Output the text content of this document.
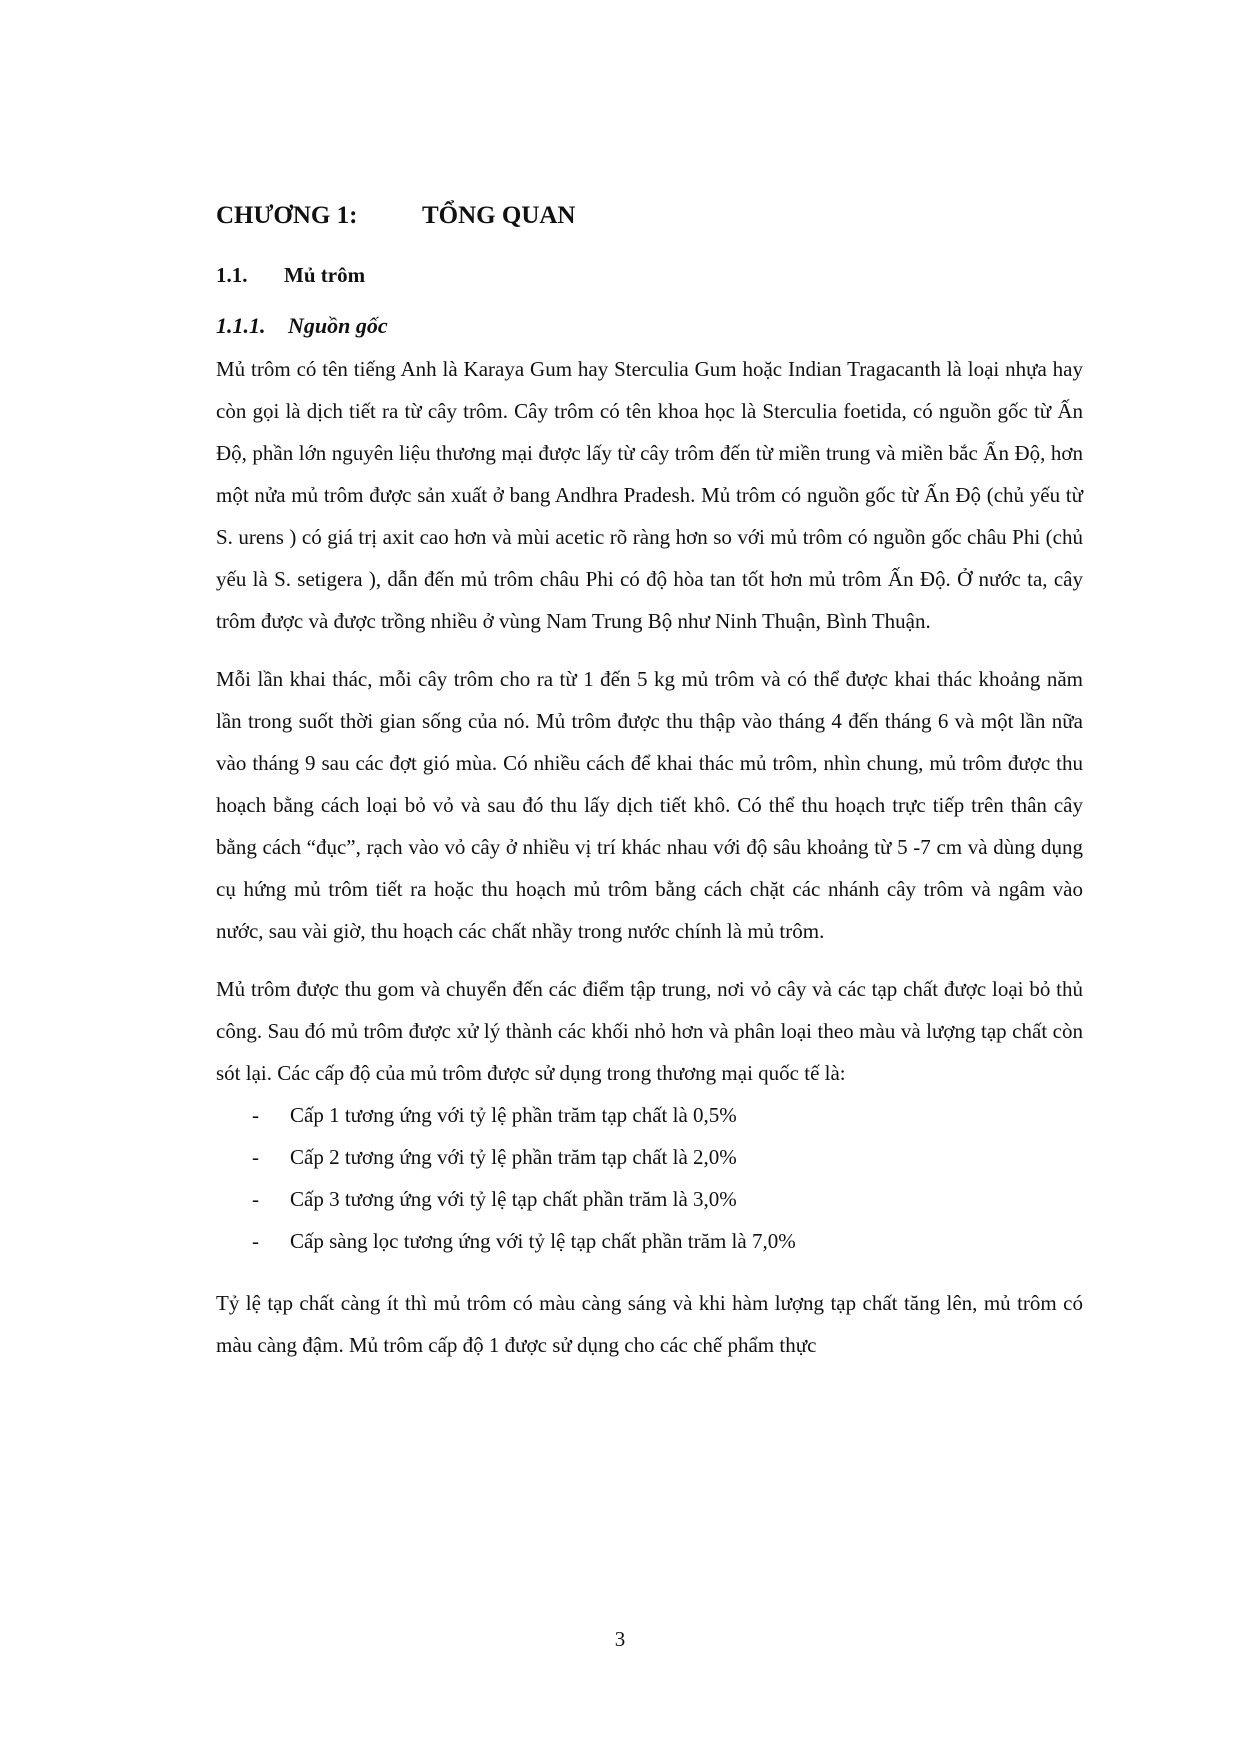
CHƯƠNG 1:	TỔNG QUAN
1.1. Mủ trôm
1.1.1. Nguồn gốc

Mủ trôm có tên tiếng Anh là Karaya Gum hay Sterculia Gum hoặc Indian Tragacanth là loại nhựa hay còn gọi là dịch tiết ra từ cây trôm. Cây trôm có tên khoa học là Sterculia foetida, có nguồn gốc từ Ấn Độ, phần lớn nguyên liệu thương mại được lấy từ cây trôm đến từ miền trung và miền bắc Ấn Độ, hơn một nửa mủ trôm được sản xuất ở bang Andhra Pradesh. Mủ trôm có nguồn gốc từ Ấn Độ (chủ yếu từ S. urens ) có giá trị axit cao hơn và mùi acetic rõ ràng hơn so với mủ trôm có nguồn gốc châu Phi (chủ yếu là S. setigera ), dẫn đến mủ trôm châu Phi có độ hòa tan tốt hơn mủ trôm Ấn Độ. Ở nước ta, cây trôm được và được trồng nhiều ở vùng Nam Trung Bộ như Ninh Thuận, Bình Thuận.

Mỗi lần khai thác, mỗi cây trôm cho ra từ 1 đến 5 kg mủ trôm và có thể được khai thác khoảng năm lần trong suốt thời gian sống của nó. Mủ trôm được thu thập vào tháng 4 đến tháng 6 và một lần nữa vào tháng 9 sau các đợt gió mùa. Có nhiều cách để khai thác mủ trôm, nhìn chung, mủ trôm được thu hoạch bằng cách loại bỏ vỏ và sau đó thu lấy dịch tiết khô. Có thể thu hoạch trực tiếp trên thân cây bằng cách “đục”, rạch vào vỏ cây ở nhiều vị trí khác nhau với độ sâu khoảng từ 5 -7 cm và dùng dụng cụ hứng mủ trôm tiết ra hoặc thu hoạch mủ trôm bằng cách chặt các nhánh cây trôm và ngâm vào nước, sau vài giờ, thu hoạch các chất nhầy trong nước chính là mủ trôm.

Mủ trôm được thu gom và chuyển đến các điểm tập trung, nơi vỏ cây và các tạp chất được loại bỏ thủ công. Sau đó mủ trôm được xử lý thành các khối nhỏ hơn và phân loại theo màu và lượng tạp chất còn sót lại. Các cấp độ của mủ trôm được sử dụng trong thương mại quốc tế là:

- Cấp 1 tương ứng với tỷ lệ phần trăm tạp chất là 0,5%
- Cấp 2 tương ứng với tỷ lệ phần trăm tạp chất là 2,0%
- Cấp 3 tương ứng với tỷ lệ tạp chất phần trăm là 3,0%
- Cấp sàng lọc tương ứng với tỷ lệ tạp chất phần trăm là 7,0%

Tỷ lệ tạp chất càng ít thì mủ trôm có màu càng sáng và khi hàm lượng tạp chất tăng lên, mủ trôm có màu càng đậm. Mủ trôm cấp độ 1 được sử dụng cho các chế phẩm thực

3
